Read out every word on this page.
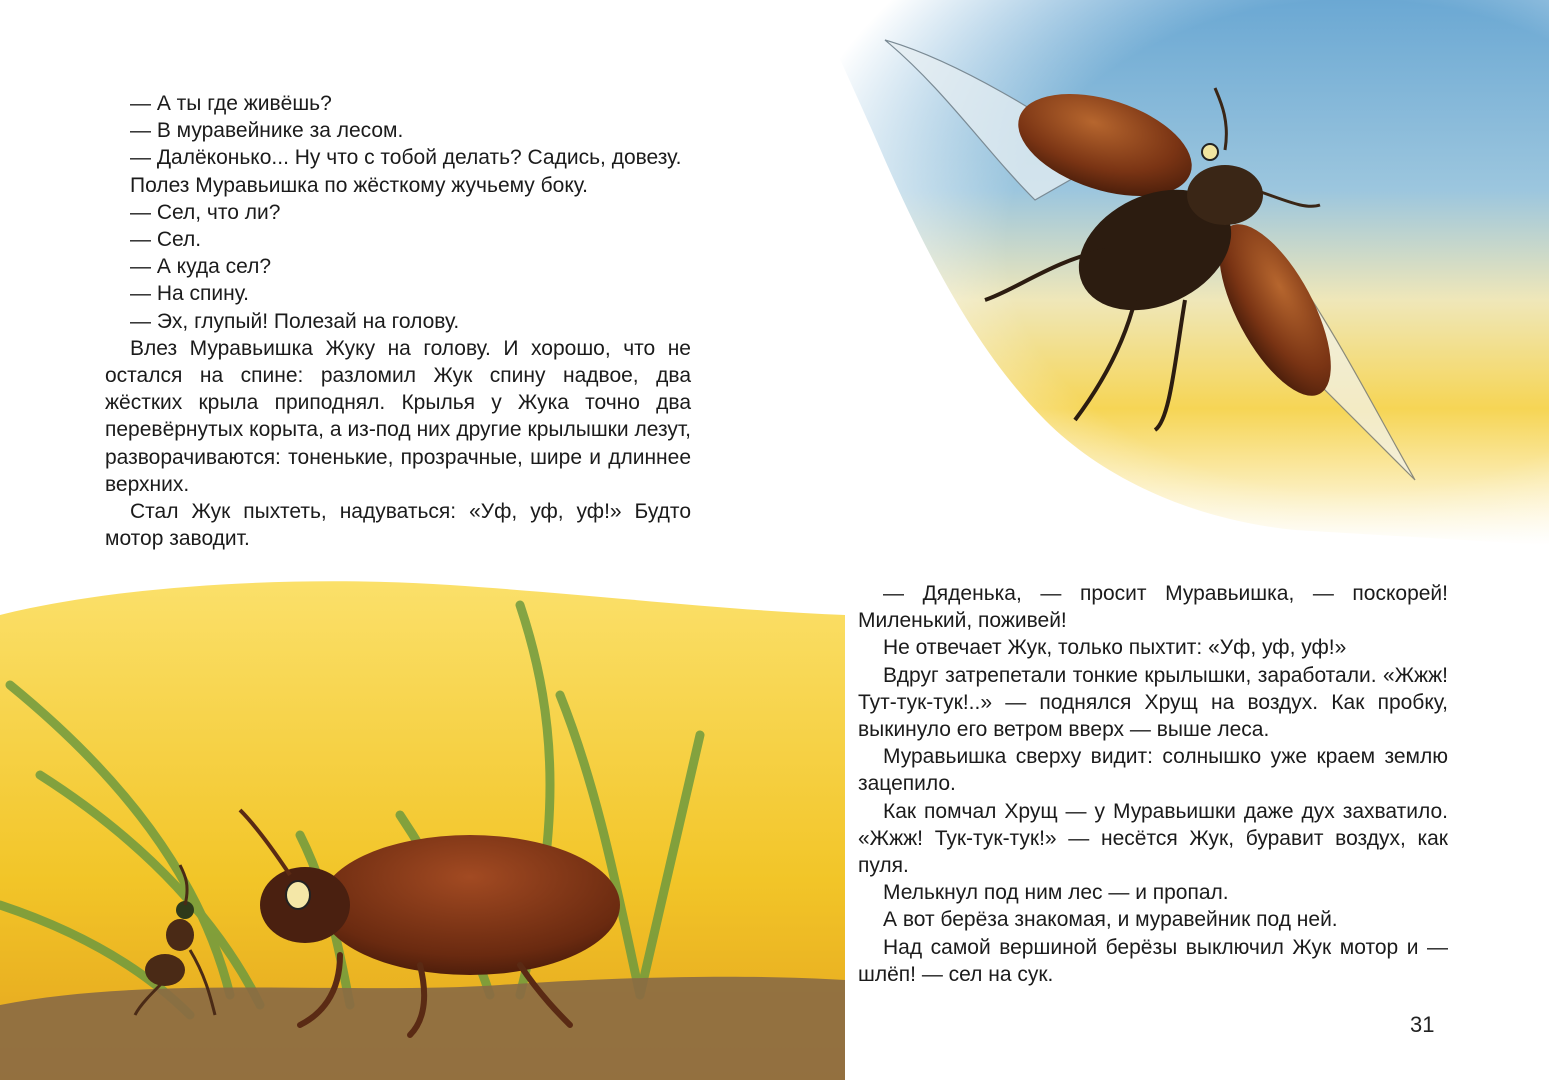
— А ты где живёшь?

— В муравейнике за лесом.

— Далёконько... Ну что с тобой делать? Садись, довезу.

Полез Муравьишка по жёсткому жучьему боку.

— Сел, что ли?

— Сел.

— А куда сел?

— На спину.

— Эх, глупый! Полезай на голову.

Влез Муравьишка Жуку на голову. И хорошо, что не остался на спине: разломил Жук спину надвое, два жёстких крыла приподнял. Крылья у Жука точно два перевёрнутых корыта, а из-под них другие крылышки лезут, разворачиваются: тоненькие, прозрачные, шире и длиннее верхних.

Стал Жук пыхтеть, надуваться: «Уф, уф, уф!» Будто мотор заводит.

— Дяденька, — просит Муравьишка, — поскорей! Миленький, поживей!

Не отвечает Жук, только пыхтит: «Уф, уф, уф!»

Вдруг затрепетали тонкие крылышки, заработали. «Жжж! Тут-тук-тук!..» — поднялся Хрущ на воздух. Как пробку, выкинуло его ветром вверх — выше леса.

Муравьишка сверху видит: солнышко уже краем землю зацепило.

Как помчал Хрущ — у Муравьишки даже дух захватило. «Жжж! Тук-тук-тук!» — несётся Жук, буравит воздух, как пуля.

Мелькнул под ним лес — и пропал.

А вот берёза знакомая, и муравейник под ней.

Над самой вершиной берёзы выключил Жук мотор и — шлёп! — сел на сук.

31
